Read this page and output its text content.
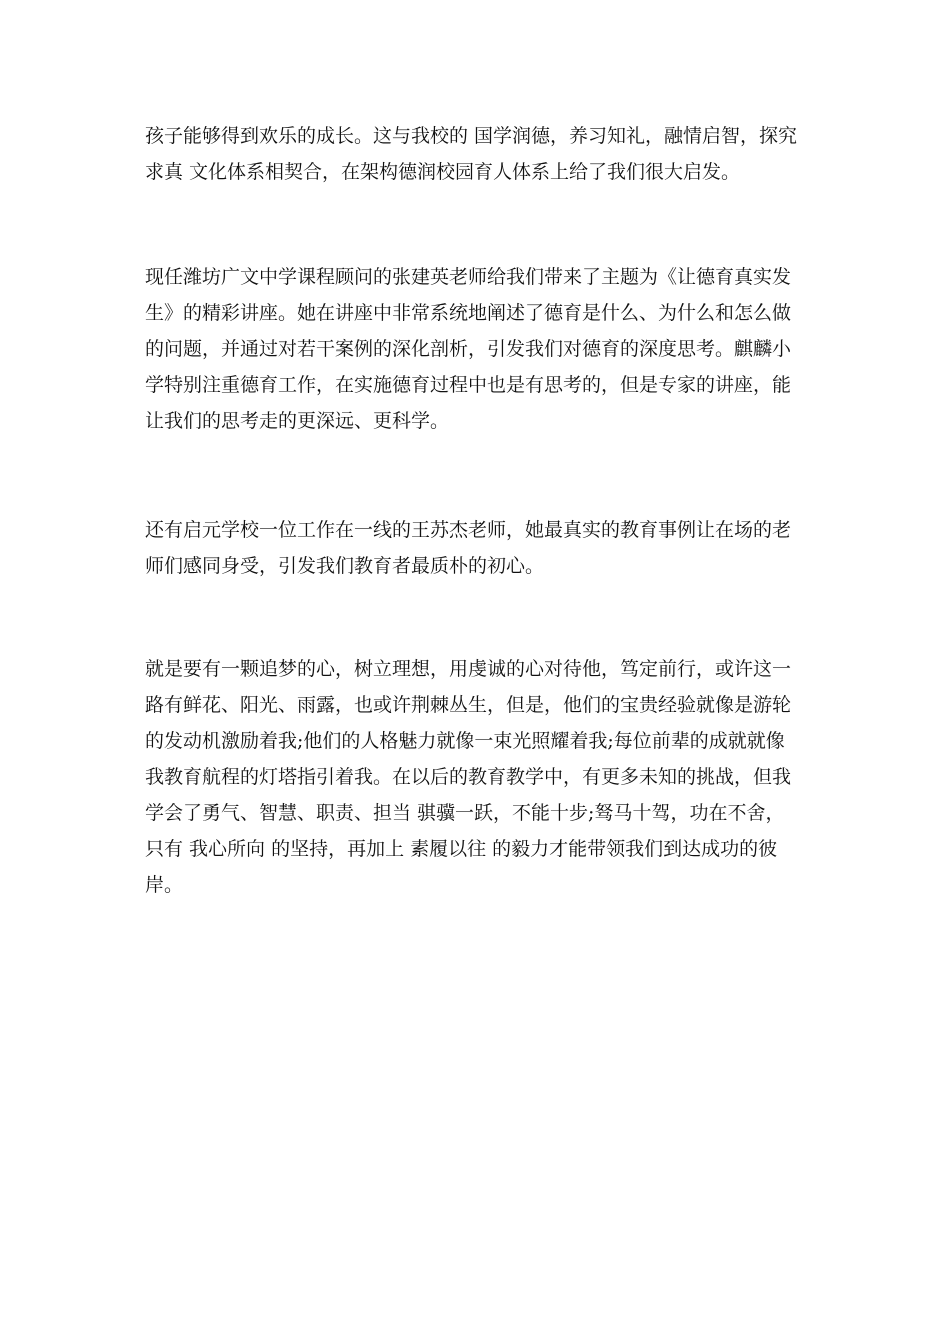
孩子能够得到欢乐的成长。这与我校的 国学润德，养习知礼，融情启智，探究
求真 文化体系相契合，在架构德润校园育人体系上给了我们很大启发。
现任潍坊广文中学课程顾问的张建英老师给我们带来了主题为《让德育真实发
生》的精彩讲座。她在讲座中非常系统地阐述了德育是什么、为什么和怎么做
的问题，并通过对若干案例的深化剖析，引发我们对德育的深度思考。麒麟小
学特别注重德育工作，在实施德育过程中也是有思考的，但是专家的讲座，能
让我们的思考走的更深远、更科学。
还有启元学校一位工作在一线的王苏杰老师，她最真实的教育事例让在场的老
师们感同身受，引发我们教育者最质朴的初心。
就是要有一颗追梦的心，树立理想，用虔诚的心对待他，笃定前行，或许这一
路有鲜花、阳光、雨露，也或许荆棘丛生，但是，他们的宝贵经验就像是游轮
的发动机激励着我;他们的人格魅力就像一束光照耀着我;每位前辈的成就就像
我教育航程的灯塔指引着我。在以后的教育教学中，有更多未知的挑战，但我
学会了勇气、智慧、职责、担当 骐骥一跃，不能十步;驽马十驾，功在不舍，
只有 我心所向 的坚持，再加上 素履以往 的毅力才能带领我们到达成功的彼
岸。
